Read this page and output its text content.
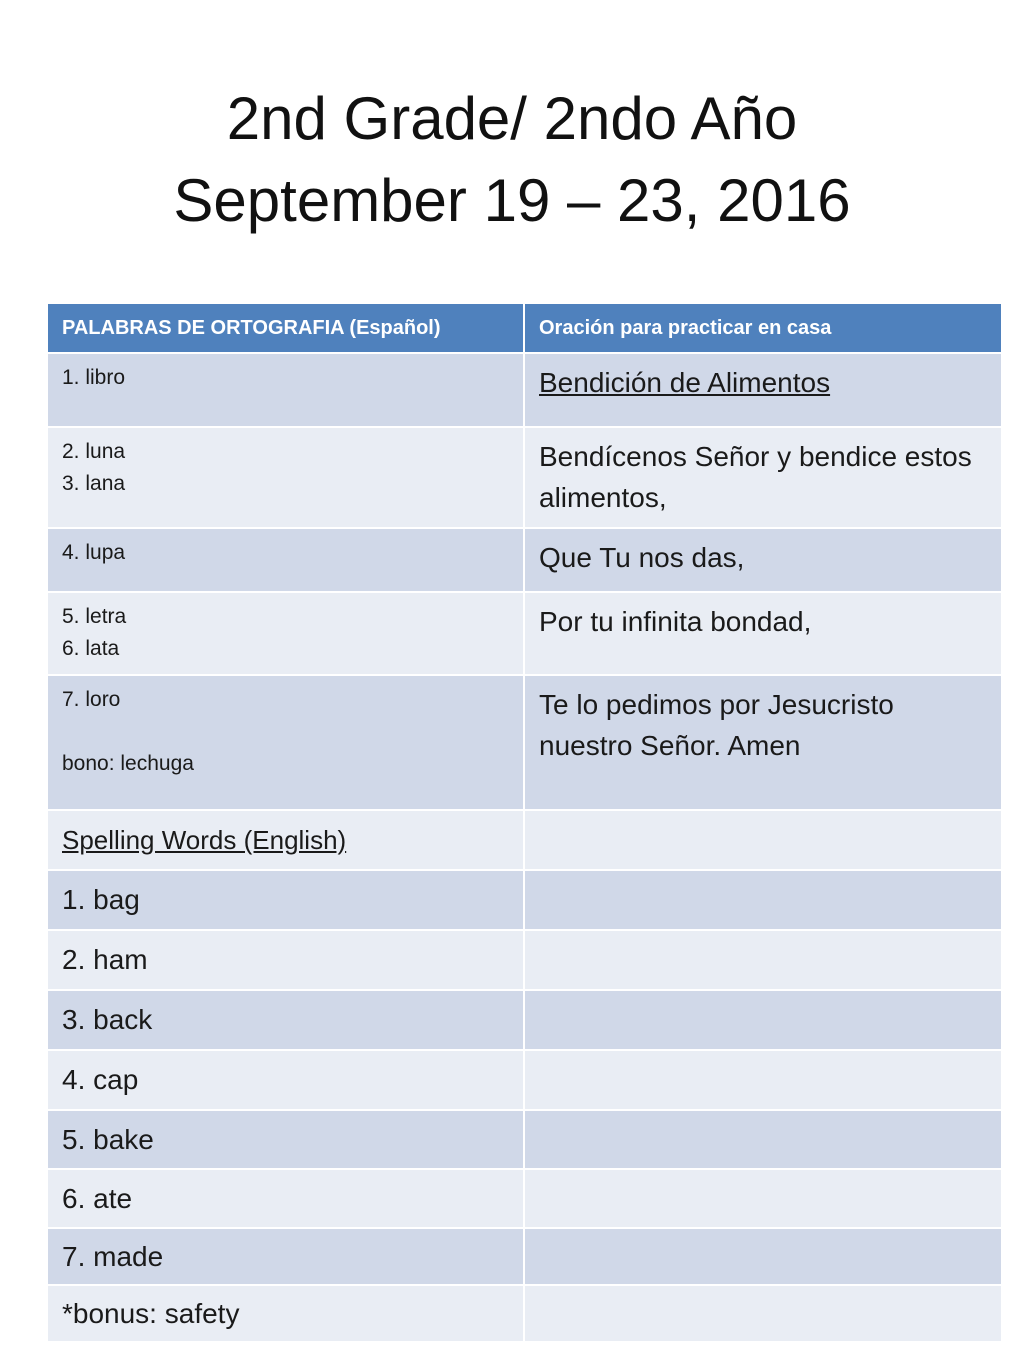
2nd Grade/ 2ndo Año
September 19 – 23, 2016
PALABRAS DE ORTOGRAFIA (Español)	Oración para practicar en casa

1. libro	Bendición de Alimentos

2. luna
3. lana	Bendícenos Señor y bendice estos alimentos,

4. lupa	Que Tu nos das,

5. letra
6. lata	Por tu infinita bondad,

7. loro
bono: lechuga	Te lo pedimos por Jesucristo nuestro Señor. Amen
Spelling Words (English)	
1. bag	
2. ham	
3. back	
4. cap	
5. bake	
6. ate	
7. made	
*bonus: safety	
